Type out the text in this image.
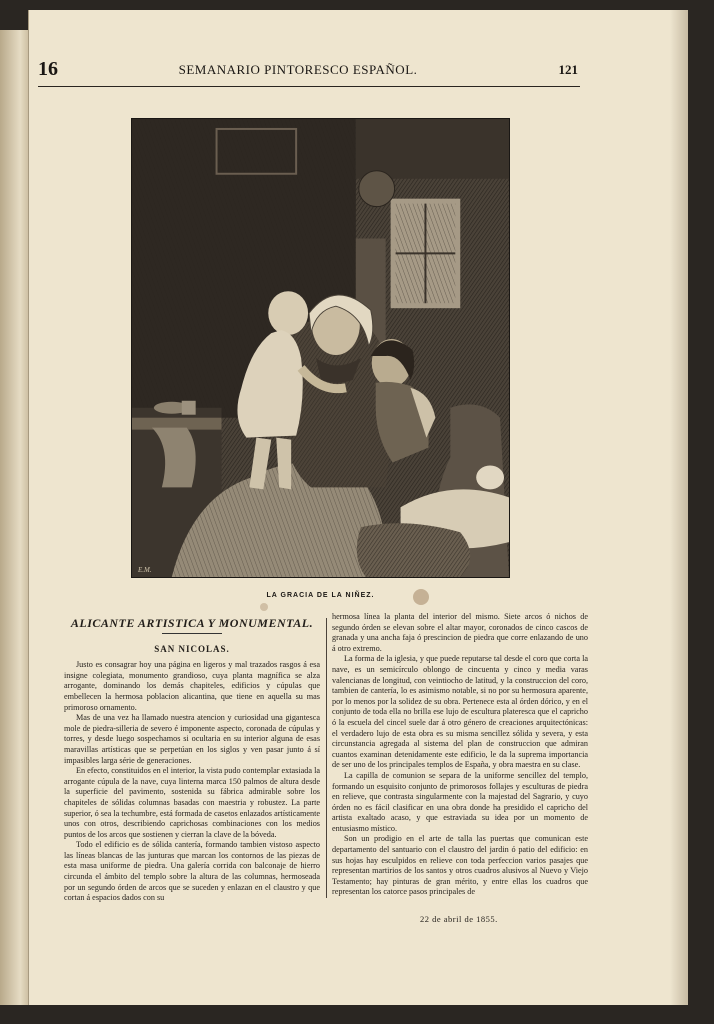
16	SEMANARIO PINTORESCO ESPAÑOL.	121
E.M.
LA GRACIA DE LA NIÑEZ.
ALICANTE ARTISTICA Y MONUMENTAL.
SAN NICOLAS.

Justo es consagrar hoy una página en ligeros y mal trazados rasgos á esa insigne colegiata, monumento grandioso, cuya planta magnífica se alza arrogante, dominando los demás chapiteles, edificios y cúpulas que embellecen la hermosa poblacion alicantina, que tiene en aquella su mas primoroso ornamento.

Mas de una vez ha llamado nuestra atencion y curiosidad una gigantesca mole de piedra-silleria de severo é imponente aspecto, coronada de cúpulas y torres, y desde luego sospechamos si ocultaria en su interior alguna de esas maravillas artísticas que se perpetúan en los siglos y ven pasar junto á sí impasibles larga série de generaciones.

En efecto, constituidos en el interior, la vista pudo contemplar extasiada la arrogante cúpula de la nave, cuya linterna marca 150 palmos de altura desde la superficie del pavimento, sostenida su fábrica admirable sobre los chapiteles de sólidas columnas basadas con maestria y robustez. La parte superior, ó sea la techumbre, está formada de casetos enlazados artísticamente unos con otros, describiendo caprichosas combinaciones con los medios puntos de los arcos que sostienen y cierran la clave de la bóveda.

Todo el edificio es de sólida cantería, formando tambien vistoso aspecto las líneas blancas de las junturas que marcan los contornos de las piezas de esta masa uniforme de piedra. Una galería corrida con balconaje de hierro circunda el ámbito del templo sobre la altura de las columnas, hermoseada por un segundo órden de arcos que se suceden y enlazan en el claustro y que cortan á espacios dados con su

hermosa línea la planta del interior del mismo. Siete arcos ó nichos de segundo órden se elevan sobre el altar mayor, coronados de cinco cascos de granada y una ancha faja ó prescincion de piedra que corre enlazando de uno á otro extremo.

La forma de la iglesia, y que puede reputarse tal desde el coro que corta la nave, es un semicírculo oblongo de cincuenta y cinco y media varas valencianas de longitud, con veintiocho de latitud, y la construccion del coro, tambien de cantería, lo es asimismo notable, si no por su hermosura aparente, por lo menos por la solidez de su obra. Pertenece esta al órden dórico, y en el conjunto de toda ella no brilla ese lujo de escultura plateresca que el capricho ó la escuela del cincel suele dar á otro género de creaciones arquitectónicas: el verdadero lujo de esta obra es su misma sencillez sólida y severa, y esta circunstancia agregada al sistema del plan de construccion que admiran cuantos examinan detenidamente este edificio, le da la suprema importancia de ser uno de los principales templos de España, y obra maestra en su clase.

La capilla de comunion se separa de la uniforme sencillez del templo, formando un esquisito conjunto de primorosos follajes y esculturas de piedra en relieve, que contrasta singularmente con la majestad del Sagrario, y cuyo órden no es fácil clasificar en una obra donde ha presidido el capricho del artista exaltado acaso, y que estraviada su idea por un momento de entusiasmo místico.

Son un prodigio en el arte de talla las puertas que comunican este departamento del santuario con el claustro del jardin ó patio del edificio: en sus hojas hay esculpidos en relieve con toda perfeccion varios pasajes que representan martirios de los santos y otros cuadros alusivos al Nuevo y Viejo Testamento; hay pinturas de gran mérito, y entre ellas los cuadros que representan los catorce pasos principales de

22 de abril de 1855.
